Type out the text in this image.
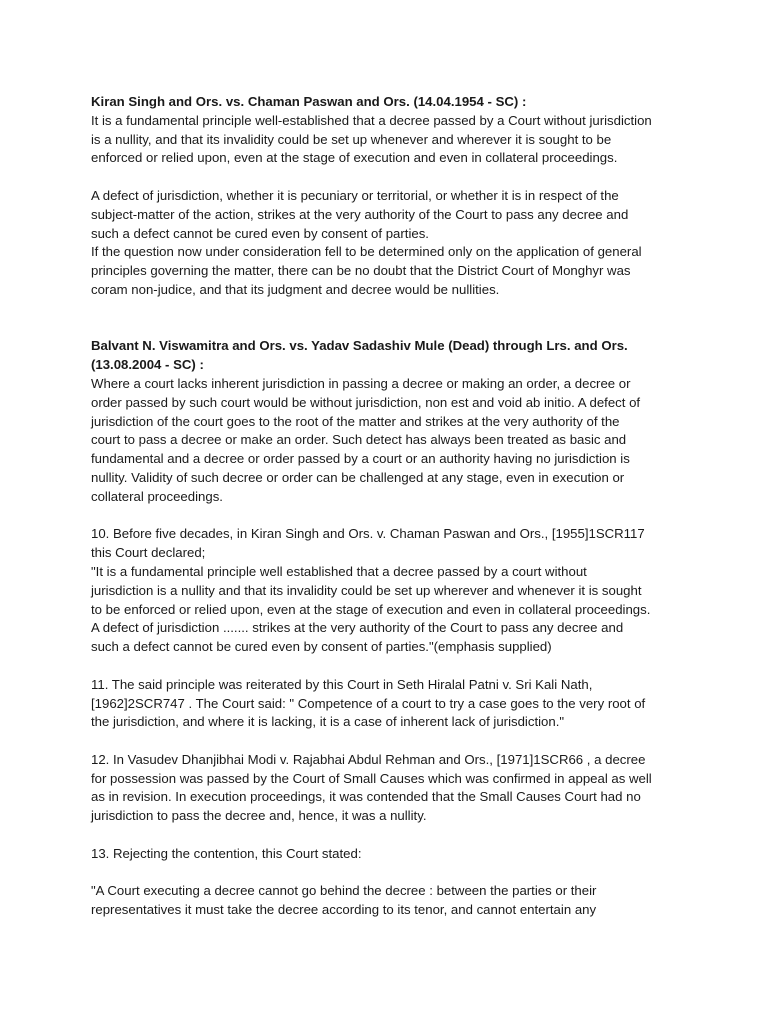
Kiran Singh and Ors. vs. Chaman Paswan and Ors. (14.04.1954 - SC) :
It is a fundamental principle well-established that a decree passed by a Court without jurisdiction
is a nullity, and that its invalidity could be set up whenever and wherever it is sought to be
enforced or relied upon, even at the stage of execution and even in collateral proceedings.
A defect of jurisdiction, whether it is pecuniary or territorial, or whether it is in respect of the
subject-matter of the action, strikes at the very authority of the Court to pass any decree and
such a defect cannot be cured even by consent of parties.
If the question now under consideration fell to be determined only on the application of general
principles governing the matter, there can be no doubt that the District Court of Monghyr was
coram non-judice, and that its judgment and decree would be nullities.
Balvant N. Viswamitra and Ors. vs. Yadav Sadashiv Mule (Dead) through Lrs. and Ors.
(13.08.2004 - SC) :
Where a court lacks inherent jurisdiction in passing a decree or making an order, a decree or
order passed by such court would be without jurisdiction, non est and void ab initio. A defect of
jurisdiction of the court goes to the root of the matter and strikes at the very authority of the
court to pass a decree or make an order. Such detect has always been treated as basic and
fundamental and a decree or order passed by a court or an authority having no jurisdiction is
nullity. Validity of such decree or order can be challenged at any stage, even in execution or
collateral proceedings.
10. Before five decades, in Kiran Singh and Ors. v. Chaman Paswan and Ors., [1955]1SCR117
this Court declared;
"It is a fundamental principle well established that a decree passed by a court without
jurisdiction is a nullity and that its invalidity could be set up wherever and whenever it is sought
to be enforced or relied upon, even at the stage of execution and even in collateral proceedings.
A defect of jurisdiction ....... strikes at the very authority of the Court to pass any decree and
such a defect cannot be cured even by consent of parties."(emphasis supplied)
11. The said principle was reiterated by this Court in Seth Hiralal Patni v. Sri Kali Nath,
[1962]2SCR747 . The Court said: " Competence of a court to try a case goes to the very root of
the jurisdiction, and where it is lacking, it is a case of inherent lack of jurisdiction."
12. In Vasudev Dhanjibhai Modi v. Rajabhai Abdul Rehman and Ors., [1971]1SCR66 , a decree
for possession was passed by the Court of Small Causes which was confirmed in appeal as well
as in revision. In execution proceedings, it was contended that the Small Causes Court had no
jurisdiction to pass the decree and, hence, it was a nullity.
13. Rejecting the contention, this Court stated:
"A Court executing a decree cannot go behind the decree : between the parties or their
representatives it must take the decree according to its tenor, and cannot entertain any
